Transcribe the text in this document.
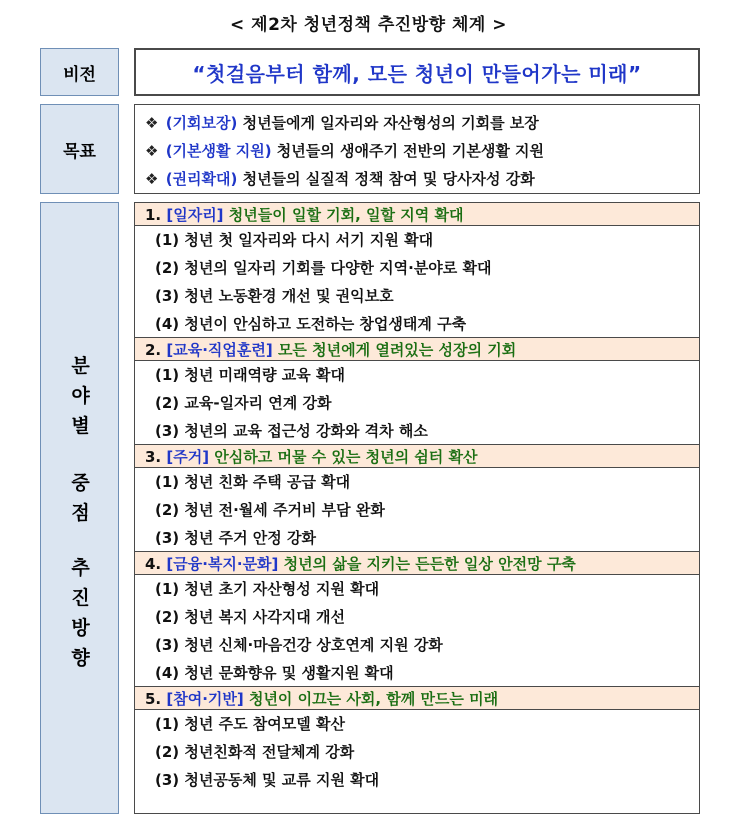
< 제2차 청년정책 추진방향 체계 >
비전	“첫걸음부터 함께, 모든 청년이 만들어가는 미래”
목표
❖ (기회보장) 청년들에게 일자리와 자산형성의 기회를 보장
❖ (기본생활 지원) 청년들의 생애주기 전반의 기본생활 지원
❖ (권리확대) 청년들의 실질적 정책 참여 및 당사자성 강화
분
야
별
중
점
추
진
방
향
1. [일자리] 청년들이 일할 기회, 일할 지역 확대
(1) 청년 첫 일자리와 다시 서기 지원 확대
(2) 청년의 일자리 기회를 다양한 지역·분야로 확대
(3) 청년 노동환경 개선 및 권익보호
(4) 청년이 안심하고 도전하는 창업생태계 구축
2. [교육·직업훈련] 모든 청년에게 열려있는 성장의 기회
(1) 청년 미래역량 교육 확대
(2) 교육-일자리 연계 강화
(3) 청년의 교육 접근성 강화와 격차 해소
3. [주거] 안심하고 머물 수 있는 청년의 쉼터 확산
(1) 청년 친화 주택 공급 확대
(2) 청년 전·월세 주거비 부담 완화
(3) 청년 주거 안정 강화
4. [금융·복지·문화] 청년의 삶을 지키는 든든한 일상 안전망 구축
(1) 청년 초기 자산형성 지원 확대
(2) 청년 복지 사각지대 개선
(3) 청년 신체·마음건강 상호연계 지원 강화
(4) 청년 문화향유 및 생활지원 확대
5. [참여·기반] 청년이 이끄는 사회, 함께 만드는 미래
(1) 청년 주도 참여모델 확산
(2) 청년친화적 전달체계 강화
(3) 청년공동체 및 교류 지원 확대
